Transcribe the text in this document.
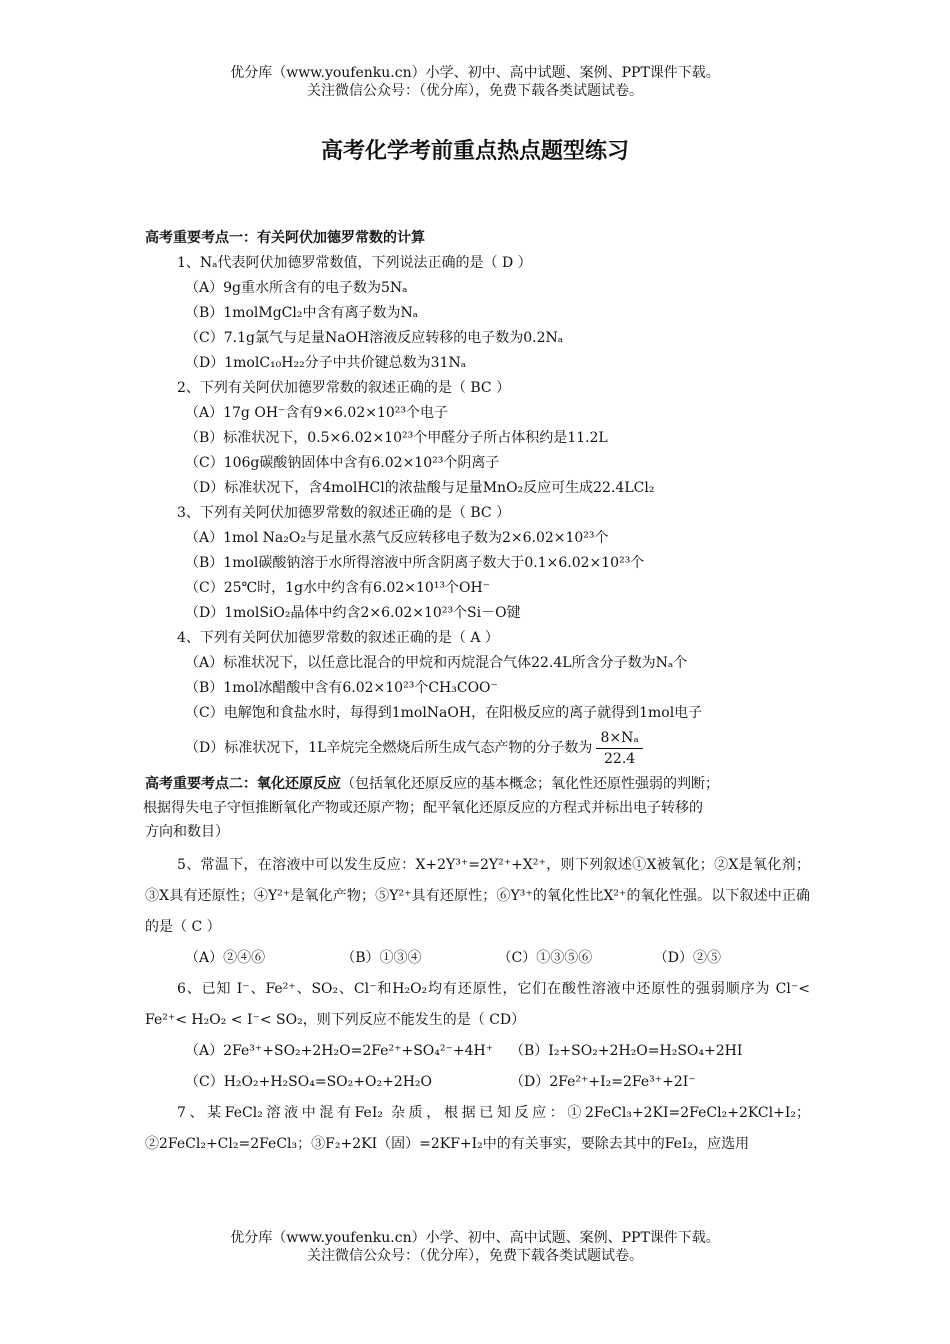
优分库（www.youfenku.cn）小学、初中、高中试题、案例、PPT课件下载。
关注微信公众号：（优分库），免费下载各类试题试卷。
高考化学考前重点热点题型练习
高考重要考点一：有关阿伏加德罗常数的计算
1、Nₐ代表阿伏加德罗常数值，下列说法正确的是（ D ）
（A）9g重水所含有的电子数为5Nₐ
（B）1molMgCl₂中含有离子数为Nₐ
（C）7.1g氯气与足量NaOH溶液反应转移的电子数为0.2Nₐ
（D）1molC₁₀H₂₂分子中共价键总数为31Nₐ
2、下列有关阿伏加德罗常数的叙述正确的是（ BC ）
（A）17g OH⁻含有9×6.02×10²³个电子
（B）标准状况下，0.5×6.02×10²³个甲醛分子所占体积约是11.2L
（C）106g碳酸钠固体中含有6.02×10²³个阴离子
（D）标准状况下，含4molHCl的浓盐酸与足量MnO₂反应可生成22.4LCl₂
3、下列有关阿伏加德罗常数的叙述正确的是（ BC ）
（A）1mol Na₂O₂与足量水蒸气反应转移电子数为2×6.02×10²³个
（B）1mol碳酸钠溶于水所得溶液中所含阴离子数大于0.1×6.02×10²³个
（C）25℃时，1g水中约含有6.02×10¹³个OH⁻
（D）1molSiO₂晶体中约含2×6.02×10²³个Si－O键
4、下列有关阿伏加德罗常数的叙述正确的是（ A ）
（A）标准状况下，以任意比混合的甲烷和丙烷混合气体22.4L所含分子数为Nₐ个
（B）1mol冰醋酸中含有6.02×10²³个CH₃COO⁻
（C）电解饱和食盐水时，每得到1molNaOH，在阳极反应的离子就得到1mol电子
（D）标准状况下，1L辛烷完全燃烧后所生成气态产物的分子数为 $\frac{\text{8×Nₐ}}{22.4}$
高考重要考点二：氧化还原反应（包括氧化还原反应的基本概念；氧化性还原性强弱的判断；
根据得失电子守恒推断氧化产物或还原产物；配平氧化还原反应的方程式并标出电子转移的
方向和数目）
5、常温下，在溶液中可以发生反应：X+2Y³⁺=2Y²⁺+X²⁺，则下列叙述①X被氧化；②X是氧化剂；③X具有还原性；④Y²⁺是氧化产物；⑤Y²⁺具有还原性；⑥Y³⁺的氧化性比X²⁺的氧化性强。以下叙述中正确的是（ C ）
（A）②④⑥	（B）①③④	（C）①③⑤⑥	（D）②⑤
6、已知 I⁻、Fe²⁺、SO₂、Cl⁻和H₂O₂均有还原性，它们在酸性溶液中还原性的强弱顺序为 Cl⁻< Fe²⁺< H₂O₂ < I⁻< SO₂，则下列反应不能发生的是（ CD）
（A）2Fe³⁺+SO₂+2H₂O=2Fe²⁺+SO₄²⁻+4H⁺	（B）I₂+SO₂+2H₂O=H₂SO₄+2HI
（C）H₂O₂+H₂SO₄=SO₂+O₂+2H₂O	（D）2Fe²⁺+I₂=2Fe³⁺+2I⁻
7、某FeCl₂溶液中混有FeI₂ 杂质，根据已知反应：①2FeCl₃+2KI=2FeCl₂+2KCl+I₂；②2FeCl₂+Cl₂=2FeCl₃；③F₂+2KI（固）=2KF+I₂中的有关事实，要除去其中的FeI₂，应选用
优分库（www.youfenku.cn）小学、初中、高中试题、案例、PPT课件下载。
关注微信公众号：（优分库），免费下载各类试题试卷。
